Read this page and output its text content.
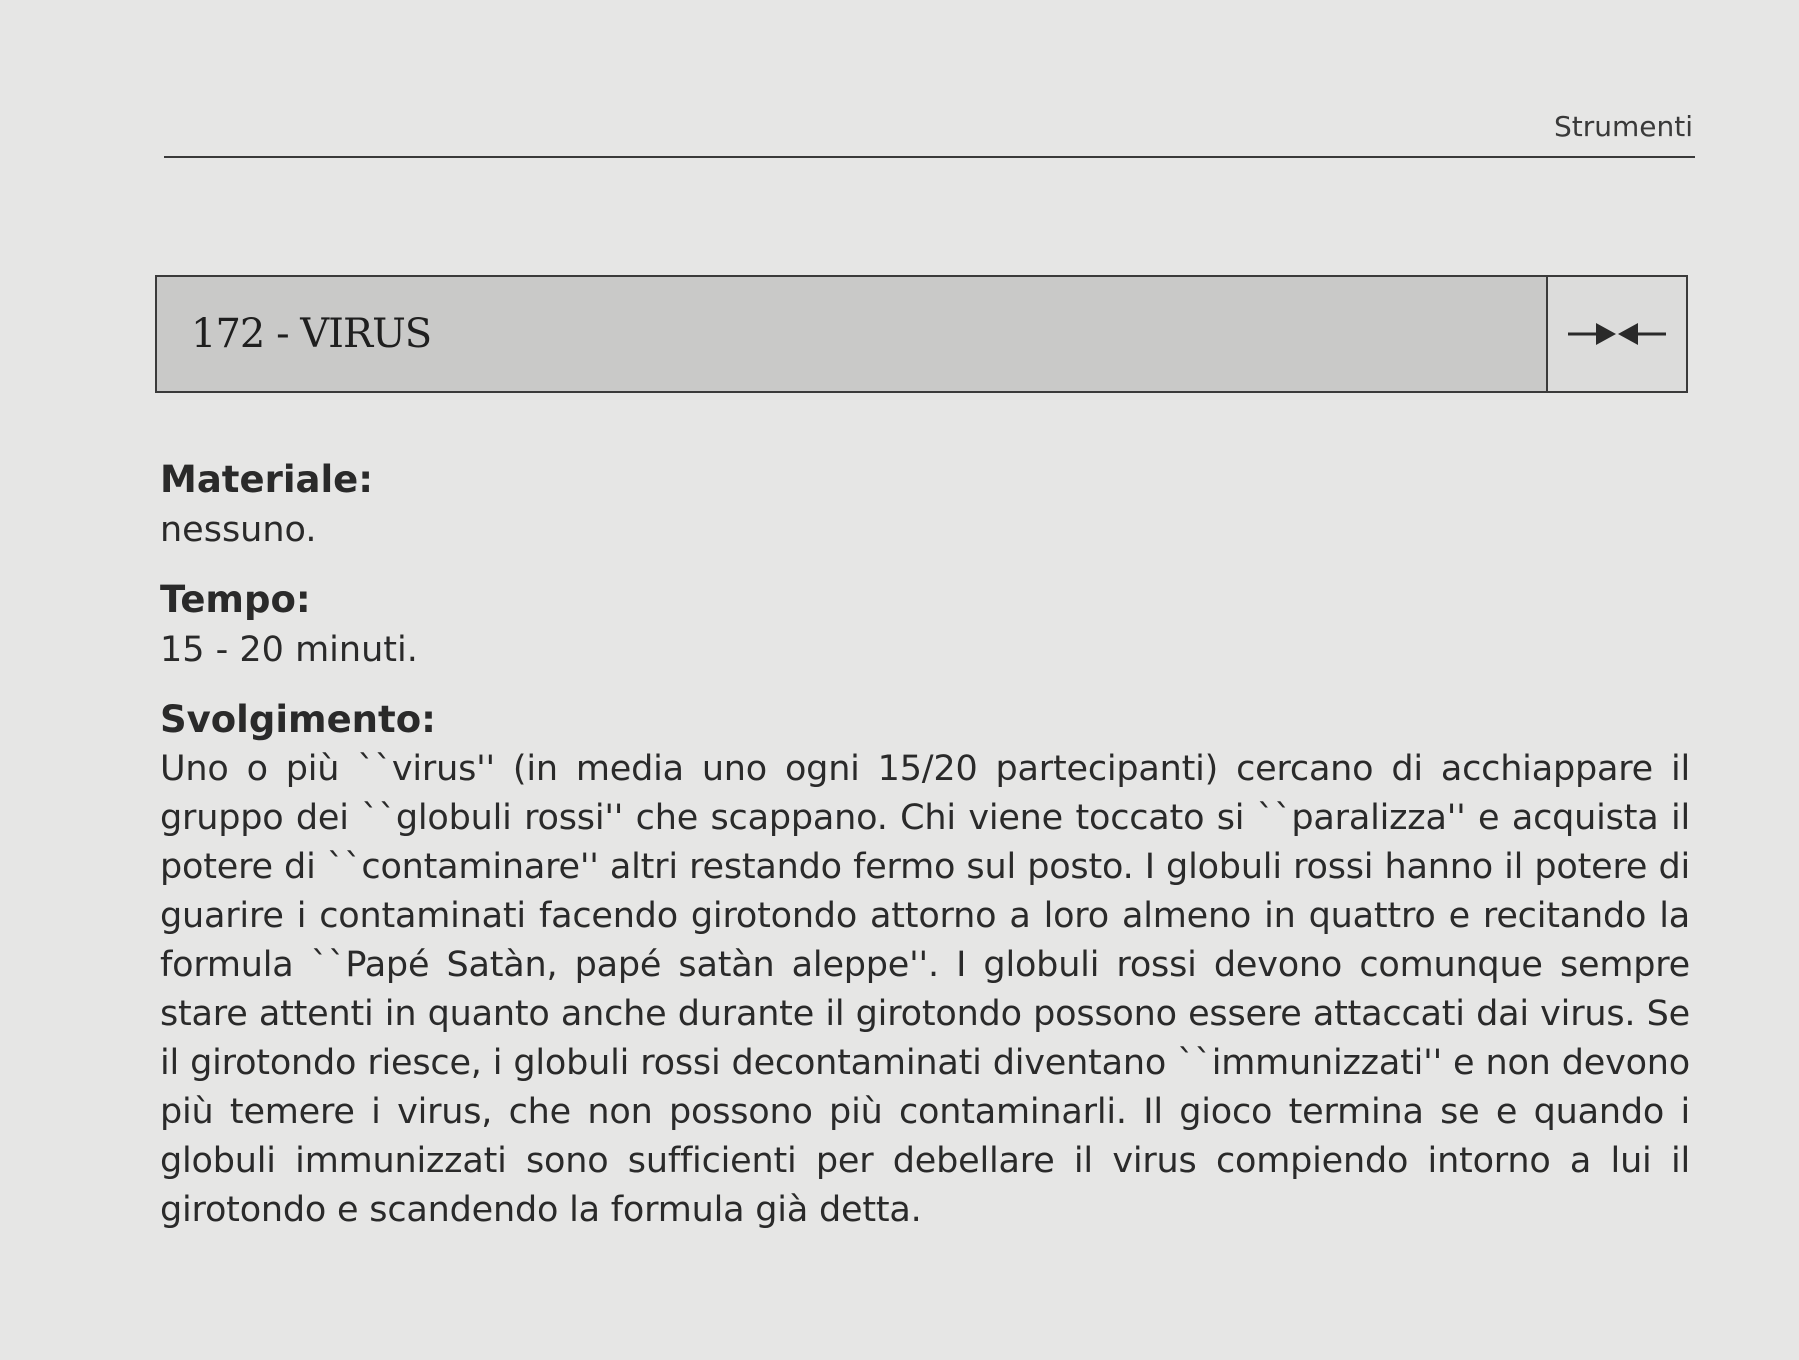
Strumenti
172 - VIRUS
Materiale:
nessuno.
Tempo:
15 - 20 minuti.
Svolgimento:
Uno o più ``virus'' (in media uno ogni 15/20 partecipanti) cercano di acchiappare il gruppo dei ``globuli rossi'' che scappano. Chi viene toccato si ``paralizza'' e acquista il potere di ``contaminare'' altri restando fermo sul posto. I globuli rossi hanno il potere di guarire i contaminati facendo girotondo attorno a loro almeno in quattro e recitando la formula ``Papé Satàn, papé satàn aleppe''. I globuli rossi devono comunque sempre stare attenti in quanto anche durante il girotondo possono essere attaccati dai virus. Se il girotondo riesce, i globuli rossi decontaminati diventano ``immunizzati'' e non devono più temere i virus, che non possono più contaminarli. Il gioco termina se e quando i globuli immunizzati sono sufficienti per debellare il virus compiendo intorno a lui il girotondo e scandendo la formula già detta.
